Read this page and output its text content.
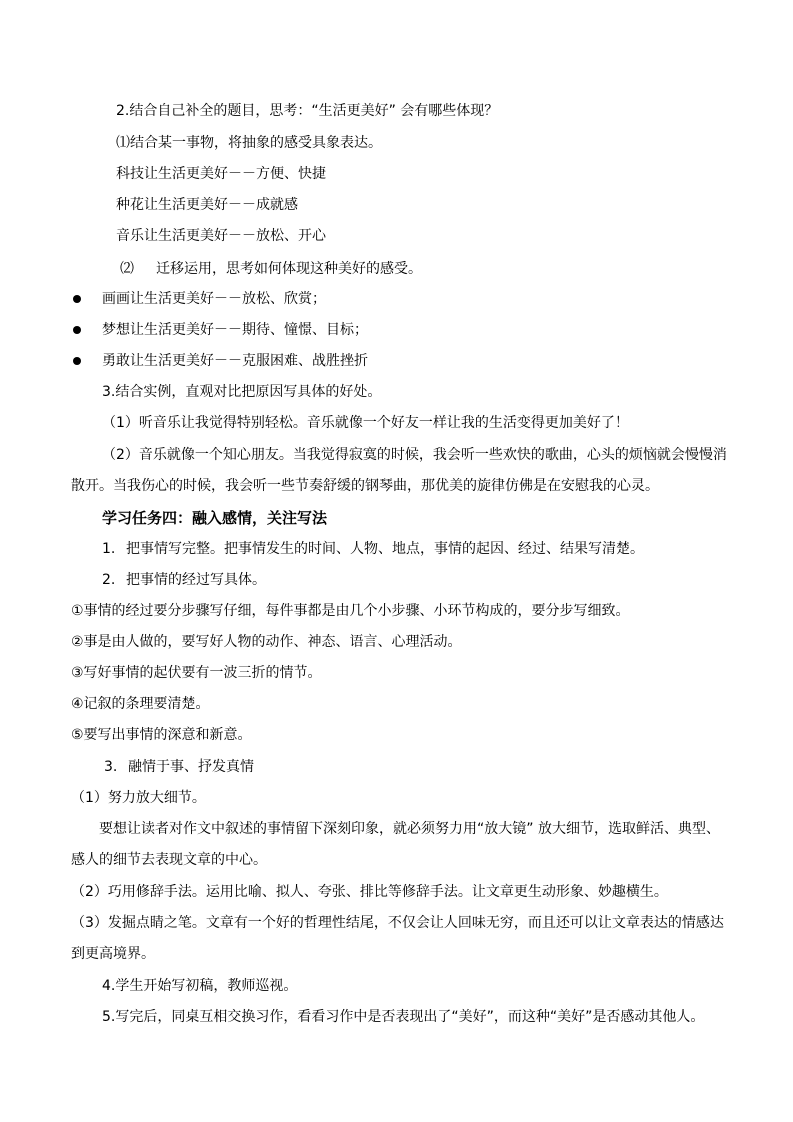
2.结合自己补全的题目，思考：“生活更美好” 会有哪些体现？
⑴结合某一事物，将抽象的感受具象表达。
科技让生活更美好－－方便、快捷
种花让生活更美好－－成就感
音乐让生活更美好－－放松、开心
⑵ 迁移运用，思考如何体现这种美好的感受。
画画让生活更美好－－放松、欣赏；
梦想让生活更美好－－期待、憧憬、目标；
勇敢让生活更美好－－克服困难、战胜挫折
3.结合实例，直观对比把原因写具体的好处。
（1）听音乐让我觉得特别轻松。音乐就像一个好友一样让我的生活变得更加美好了！
（2）音乐就像一个知心朋友。当我觉得寂寞的时候，我会听一些欢快的歌曲，心头的烦恼就会慢慢消
散开。当我伤心的时候，我会听一些节奏舒缓的钢琴曲，那优美的旋律仿佛是在安慰我的心灵。
学习任务四：融入感情，关注写法
1. 把事情写完整。把事情发生的时间、人物、地点，事情的起因、经过、结果写清楚。
2. 把事情的经过写具体。
①事情的经过要分步骤写仔细，每件事都是由几个小步骤、小环节构成的，要分步写细致。
②事是由人做的，要写好人物的动作、神态、语言、心理活动。
③写好事情的起伏要有一波三折的情节。
④记叙的条理要清楚。
⑤要写出事情的深意和新意。
3. 融情于事、抒发真情
（1）努力放大细节。
要想让读者对作文中叙述的事情留下深刻印象，就必须努力用“放大镜” 放大细节，选取鲜活、典型、
感人的细节去表现文章的中心。
（2）巧用修辞手法。运用比喻、拟人、夸张、排比等修辞手法。让文章更生动形象、妙趣横生。
（3）发掘点睛之笔。文章有一个好的哲理性结尾，不仅会让人回味无穷，而且还可以让文章表达的情感达
到更高境界。
4.学生开始写初稿，教师巡视。
5.写完后，同桌互相交换习作，看看习作中是否表现出了“美好”，而这种“美好”是否感动其他人。
